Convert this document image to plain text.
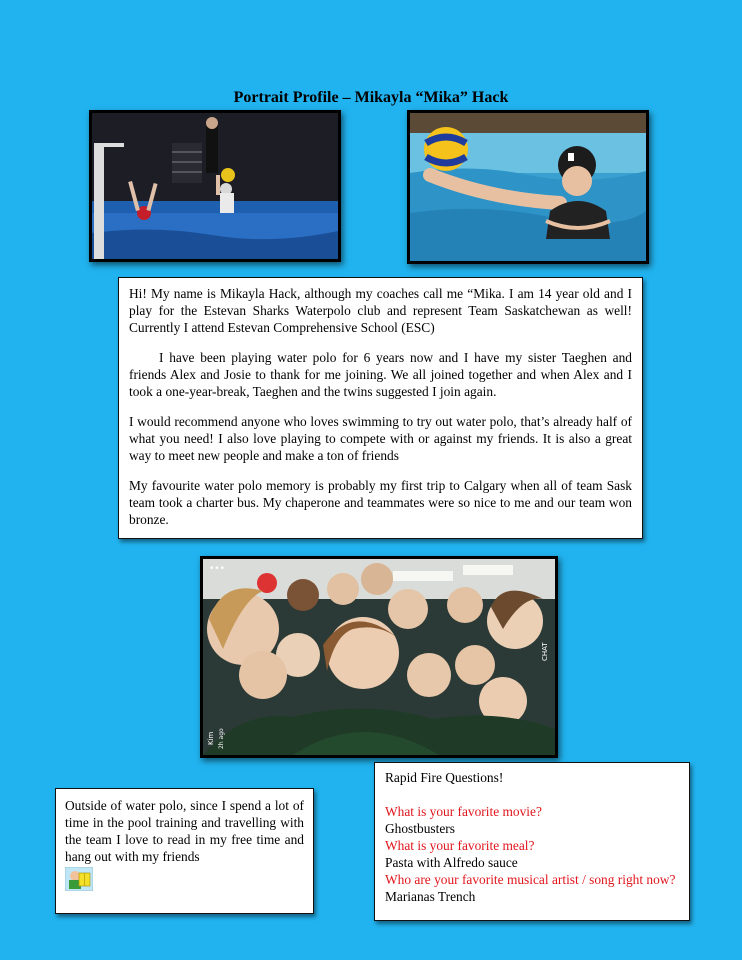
Portrait Profile – Mikayla “Mika” Hack

Hi! My name is Mikayla Hack, although my coaches call me “Mika. I am 14 year old and I play for the Estevan Sharks Waterpolo club and represent Team Saskatchewan as well! Currently I attend Estevan Comprehensive School (ESC)

I have been playing water polo for 6 years now and I have my sister Taeghen and friends Alex and Josie to thank for me joining. We all joined together and when Alex and I took a one-year-break, Taeghen and the twins suggested I join again.

I would recommend anyone who loves swimming to try out water polo, that’s already half of what you need! I also love playing to compete with or against my friends. It is also a great way to meet new people and make a ton of friends

My favourite water polo memory is probably my first trip to Calgary when all of team Sask team took a charter bus. My chaperone and teammates were so nice to me and our team won bronze.

•••
Kim 2h ago
CHAT

Outside of water polo, since I spend a lot of time in the pool training and travelling with the team I love to read in my free time and hang out with my friends

Rapid Fire Questions!

What is your favorite movie?

Ghostbusters

What is your favorite meal?

Pasta with Alfredo sauce

Who are your favorite musical artist / song right now?

Marianas Trench
